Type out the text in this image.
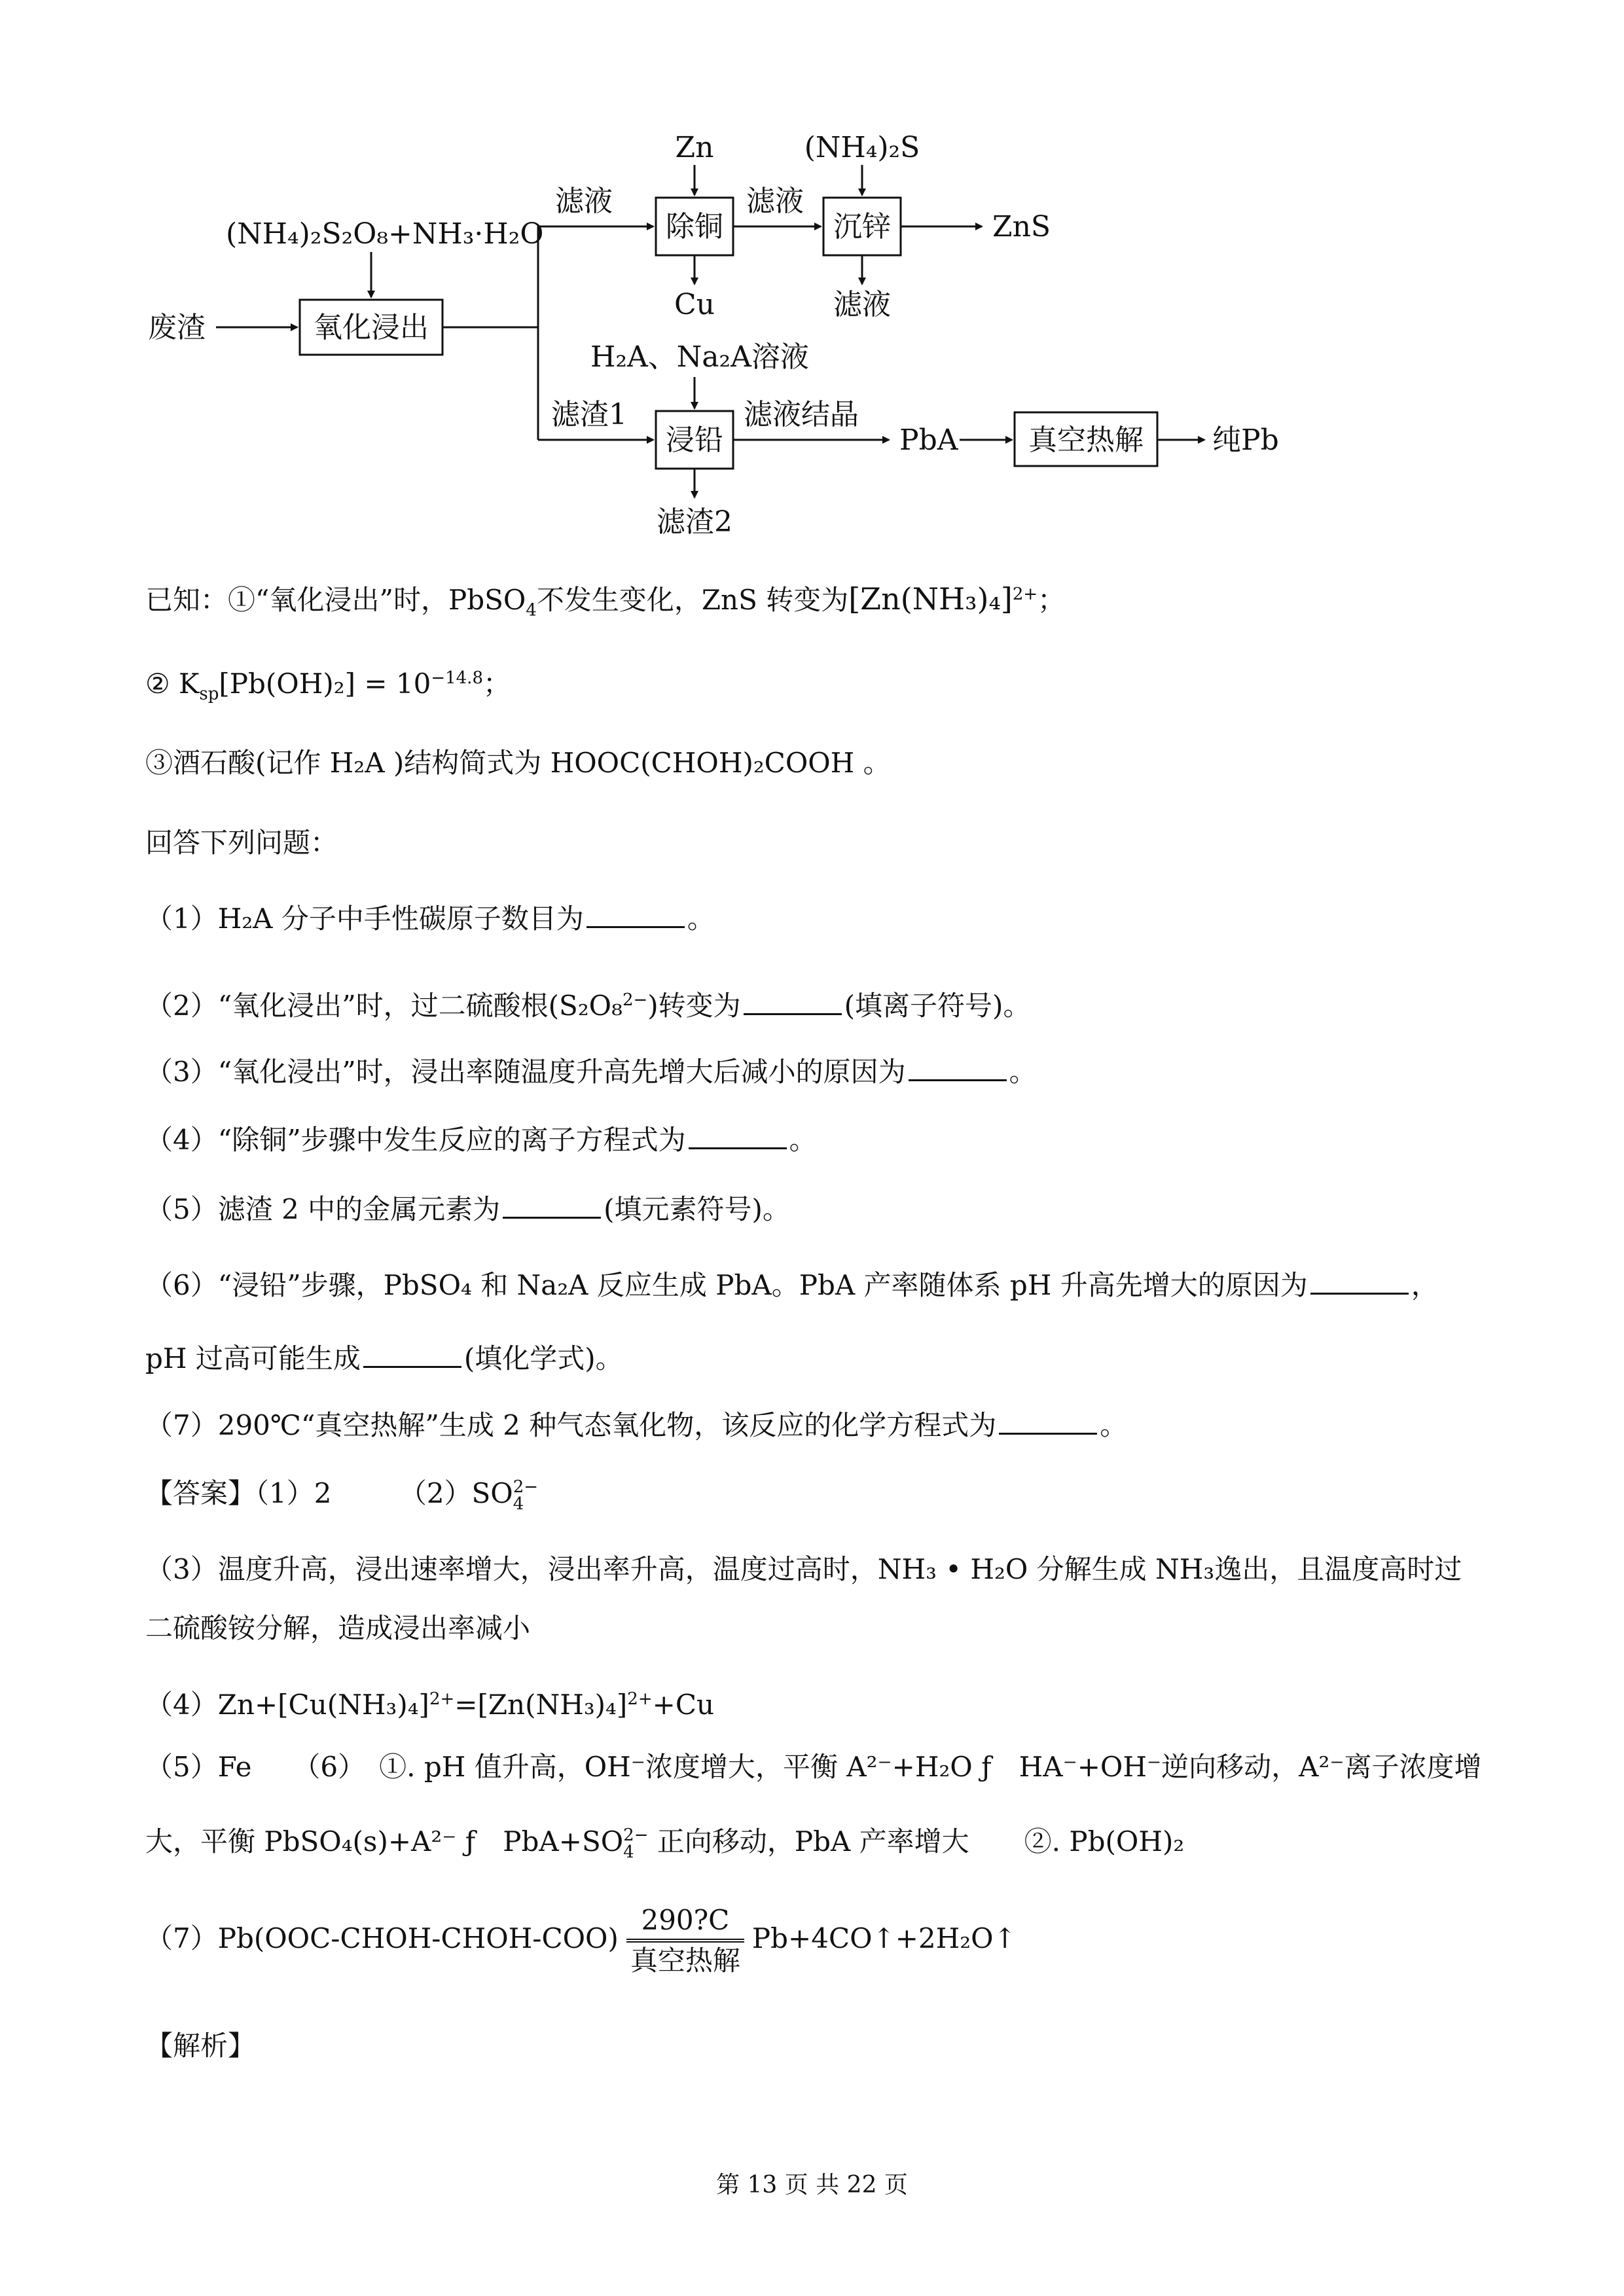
氧化浸出
除铜	沉锌
浸铅	真空热解
废渣
(NH₄)₂S₂O₈+NH₃·H₂O
滤液
滤渣1
Zn
Cu
滤液
(NH₄)₂S
滤液
ZnS
H₂A、Na₂A溶液
滤渣2
滤液结晶
PbA	纯Pb
已知：①“氧化浸出”时，PbSO$_4$不发生变化，ZnS 转变为$[Zn(NH_3)_4]^{2+}$；
② $K_{sp}[Pb(OH)_2] = 10^{-14.8}$；
③酒石酸(记作 H₂A )结构简式为 HOOC(CHOH)₂COOH 。
回答下列问题：
（1）H₂A 分子中手性碳原子数目为	。
（2）“氧化浸出”时，过二硫酸根(S₂O₈$^{2-}$)转变为	(填离子符号)。
（3）“氧化浸出”时，浸出率随温度升高先增大后减小的原因为	。
（4）“除铜”步骤中发生反应的离子方程式为	。
（5）滤渣 2 中的金属元素为	(填元素符号)。
（6）“浸铅”步骤，PbSO₄ 和 Na₂A 反应生成 PbA。PbA 产率随体系 pH 升高先增大的原因为	，
pH 过高可能生成	(填化学式)。
（7）290℃“真空热解”生成 2 种气态氧化物，该反应的化学方程式为	。
【答案】（1）2 （2）SO 2−
4
（3）温度升高，浸出速率增大，浸出率升高，温度过高时，NH₃ • H₂O 分解生成 NH₃逸出，且温度高时过
二硫酸铵分解，造成浸出率减小
$(4)Zn+[Cu(NH_3)_4]^{2+}=[Zn(NH_3)_4]^{2+}+Cu$
（5）Fe　　（6）　①. pH 值升高，OH⁻浓度增大，平衡 A²⁻+H₂O ƒ　HA⁻+OH⁻逆向移动，A²⁻离子浓度增
大，平衡 PbSO₄(s)+A²⁻ ƒ　PbA+SO 2−
4 正向移动，PbA 产率增大　　②. Pb(OH)₂
（7）Pb(OOC-CHOH-CHOH-COO) $\frac{290?C}{\text{真空热解}}$ Pb+4CO↑+2H₂O↑
【解析】
第 13 页 共 22 页
